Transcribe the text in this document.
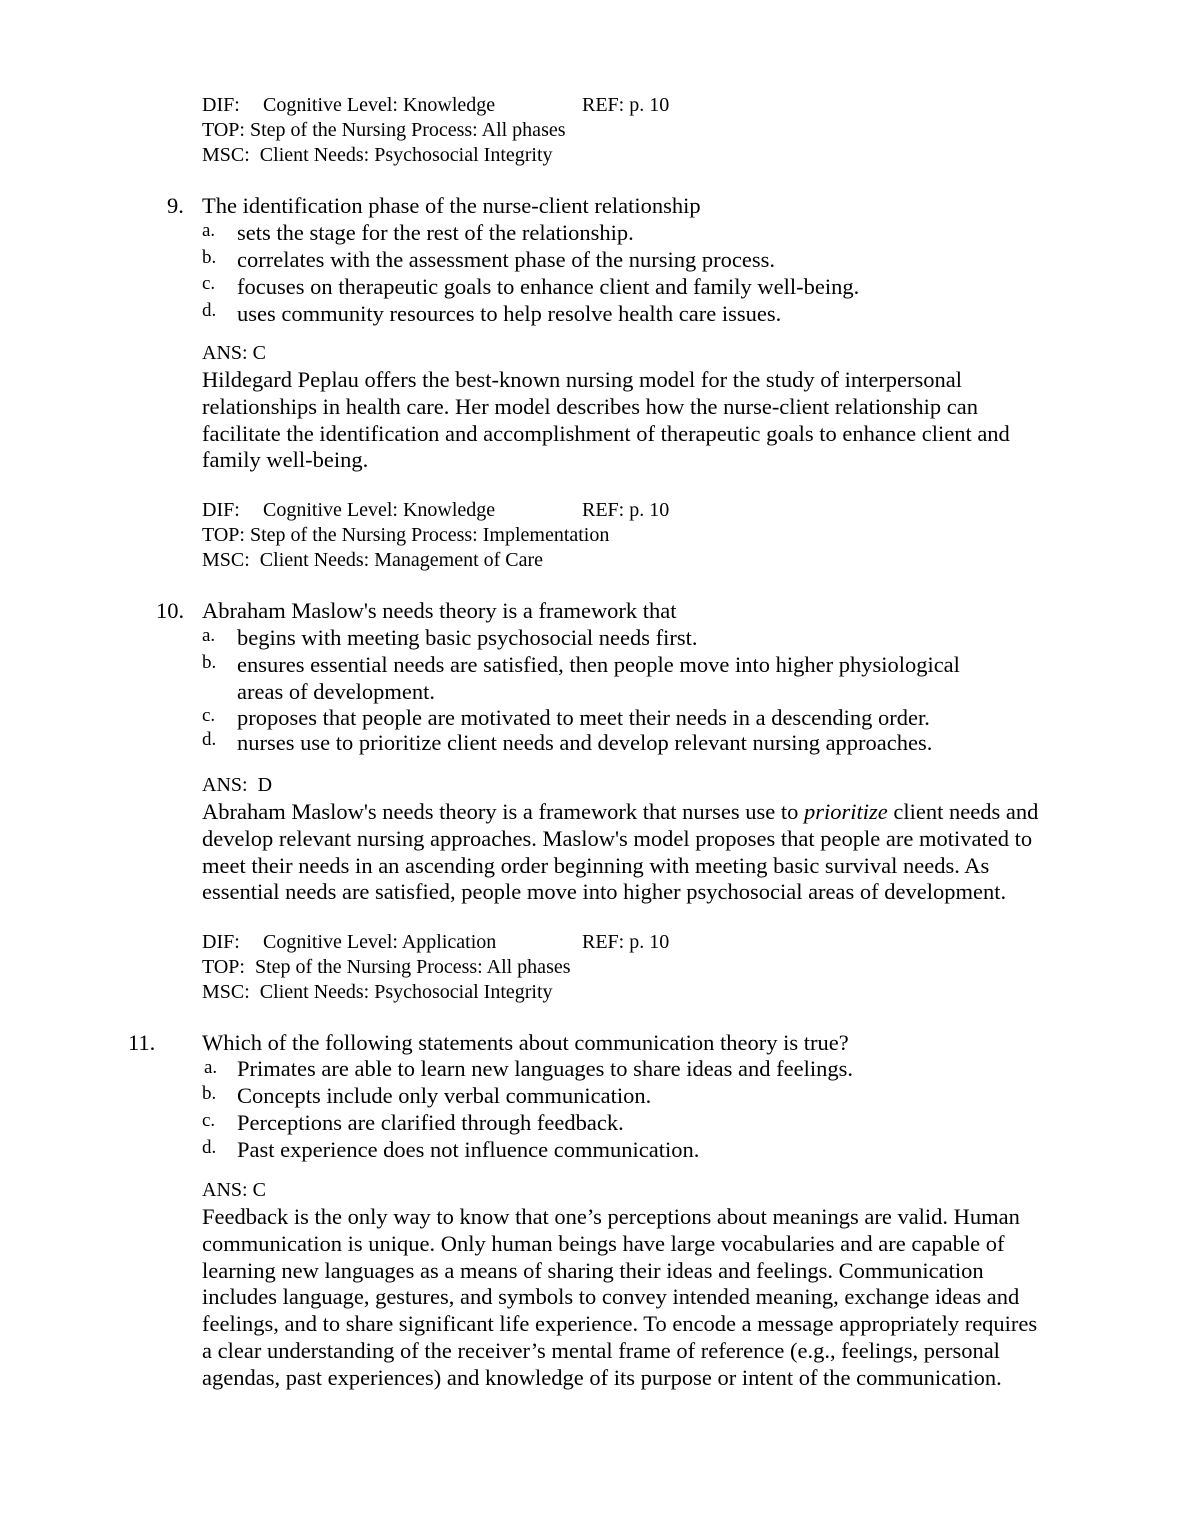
DIF: Cognitive Level: Knowledge	REF: p. 10
TOP: Step of the Nursing Process: All phases
MSC:  Client Needs: Psychosocial Integrity
9. The identification phase of the nurse-client relationship
a. sets the stage for the rest of the relationship.
b. correlates with the assessment phase of the nursing process.
c. focuses on therapeutic goals to enhance client and family well-being.
d. uses community resources to help resolve health care issues.
ANS: C
Hildegard Peplau offers the best-known nursing model for the study of interpersonal
relationships in health care. Her model describes how the nurse-client relationship can
facilitate the identification and accomplishment of therapeutic goals to enhance client and
family well-being.
DIF: Cognitive Level: Knowledge	REF: p. 10
TOP: Step of the Nursing Process: Implementation
MSC:  Client Needs: Management of Care
10. Abraham Maslow's needs theory is a framework that
a. begins with meeting basic psychosocial needs first.
b. ensures essential needs are satisfied, then people move into higher physiological
areas of development.
c. proposes that people are motivated to meet their needs in a descending order.
d. nurses use to prioritize client needs and develop relevant nursing approaches.
ANS:  D
Abraham Maslow's needs theory is a framework that nurses use to prioritize client needs and
develop relevant nursing approaches. Maslow's model proposes that people are motivated to
meet their needs in an ascending order beginning with meeting basic survival needs. As
essential needs are satisfied, people move into higher psychosocial areas of development.
DIF: Cognitive Level: Application	REF: p. 10
TOP:  Step of the Nursing Process: All phases
MSC:  Client Needs: Psychosocial Integrity
11. Which of the following statements about communication theory is true?
a. Primates are able to learn new languages to share ideas and feelings.
b. Concepts include only verbal communication.
c. Perceptions are clarified through feedback.
d. Past experience does not influence communication.
ANS: C
Feedback is the only way to know that one’s perceptions about meanings are valid. Human
communication is unique. Only human beings have large vocabularies and are capable of
learning new languages as a means of sharing their ideas and feelings. Communication
includes language, gestures, and symbols to convey intended meaning, exchange ideas and
feelings, and to share significant life experience. To encode a message appropriately requires
a clear understanding of the receiver’s mental frame of reference (e.g., feelings, personal
agendas, past experiences) and knowledge of its purpose or intent of the communication.
